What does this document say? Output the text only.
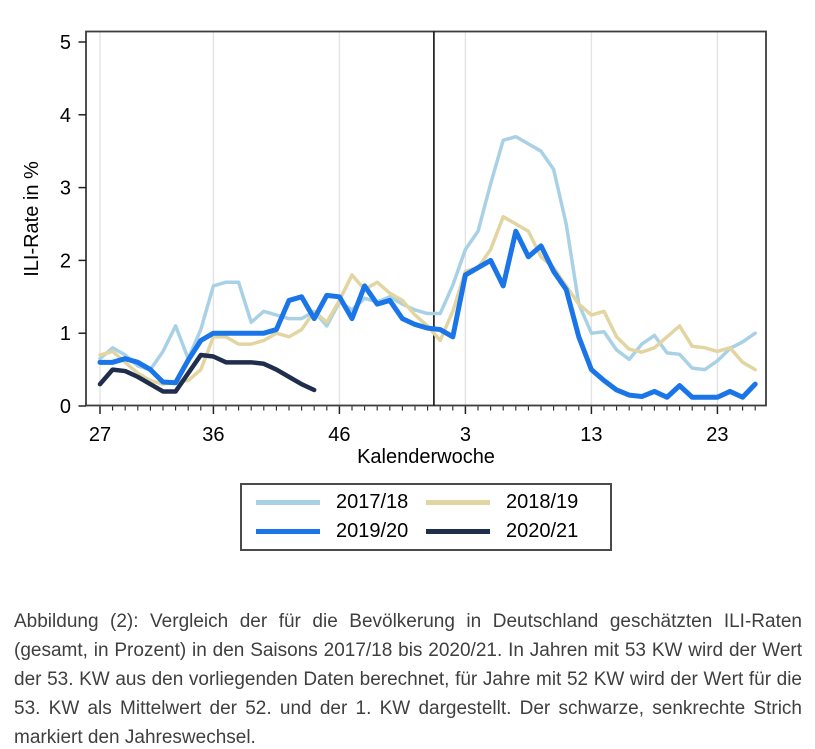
27	36	46	3	13	23
0
1
2
3
4
5
ILI-Rate in %
Kalenderwoche
2017/18	2018/19
2019/20	2020/21

Abbildung (2): Vergleich der für die Bevölkerung in Deutschland geschätzten ILI-Raten (gesamt, in Prozent) in den Saisons 2017/18 bis 2020/21. In Jahren mit 53 KW wird der Wert der 53. KW aus den vorliegenden Daten berechnet, für Jahre mit 52 KW wird der Wert für die 53. KW als Mittelwert der 52. und der 1. KW dargestellt. Der schwarze, senkrechte Strich markiert den Jahreswechsel.
